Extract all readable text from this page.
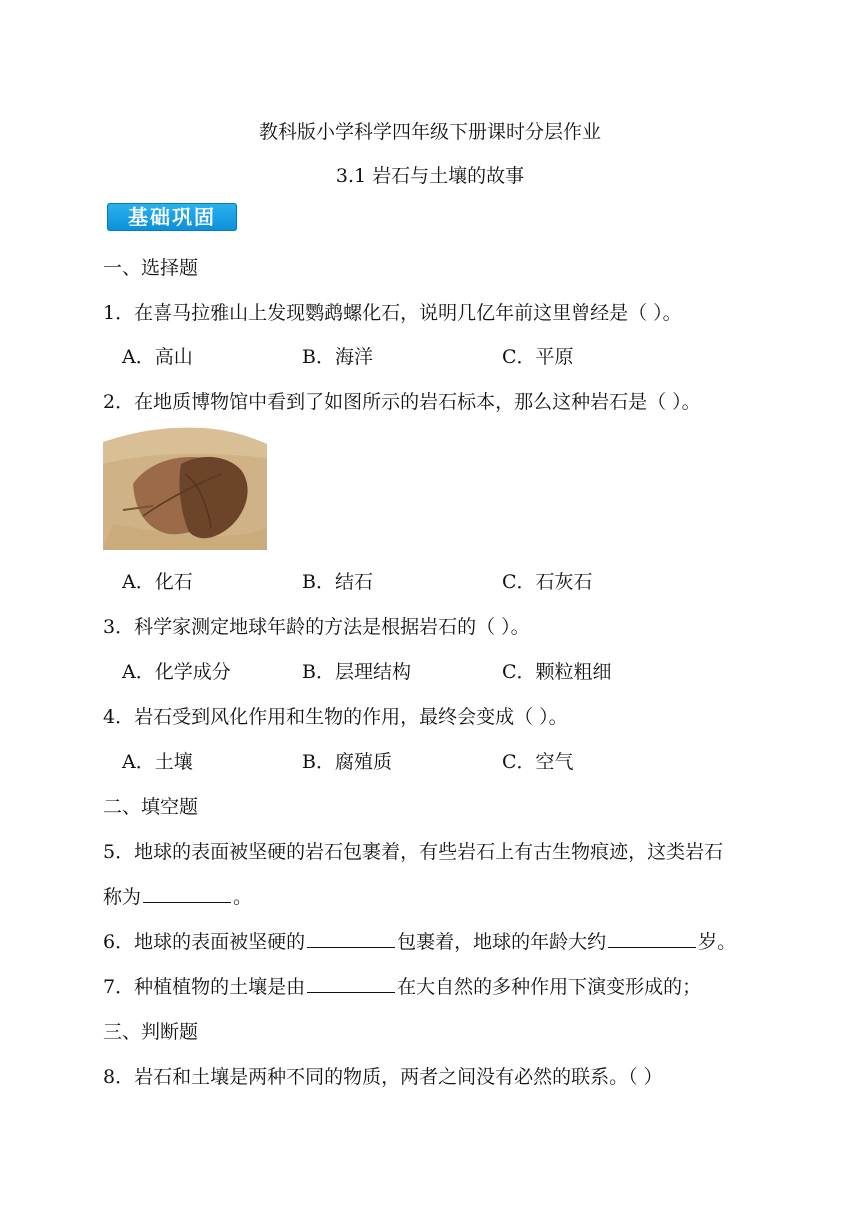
教科版小学科学四年级下册课时分层作业
3.1 岩石与土壤的故事
基础巩固
一、选择题
1．在喜马拉雅山上发现鹦鹉螺化石，说明几亿年前这里曾经是（ ）。
A．高山	B．海洋	C．平原
2．在地质博物馆中看到了如图所示的岩石标本，那么这种岩石是（ ）。
A．化石	B．结石	C．石灰石
3．科学家测定地球年龄的方法是根据岩石的（ ）。
A．化学成分	B．层理结构	C．颗粒粗细
4．岩石受到风化作用和生物的作用，最终会变成（ ）。
A．土壤	B．腐殖质	C．空气
二、填空题
5．地球的表面被坚硬的岩石包裹着，有些岩石上有古生物痕迹，这类岩石
称为	。
6．地球的表面被坚硬的	包裹着，地球的年龄大约	岁。
7．种植植物的土壤是由	在大自然的多种作用下演变形成的；
三、判断题
8．岩石和土壤是两种不同的物质，两者之间没有必然的联系。（ ）
